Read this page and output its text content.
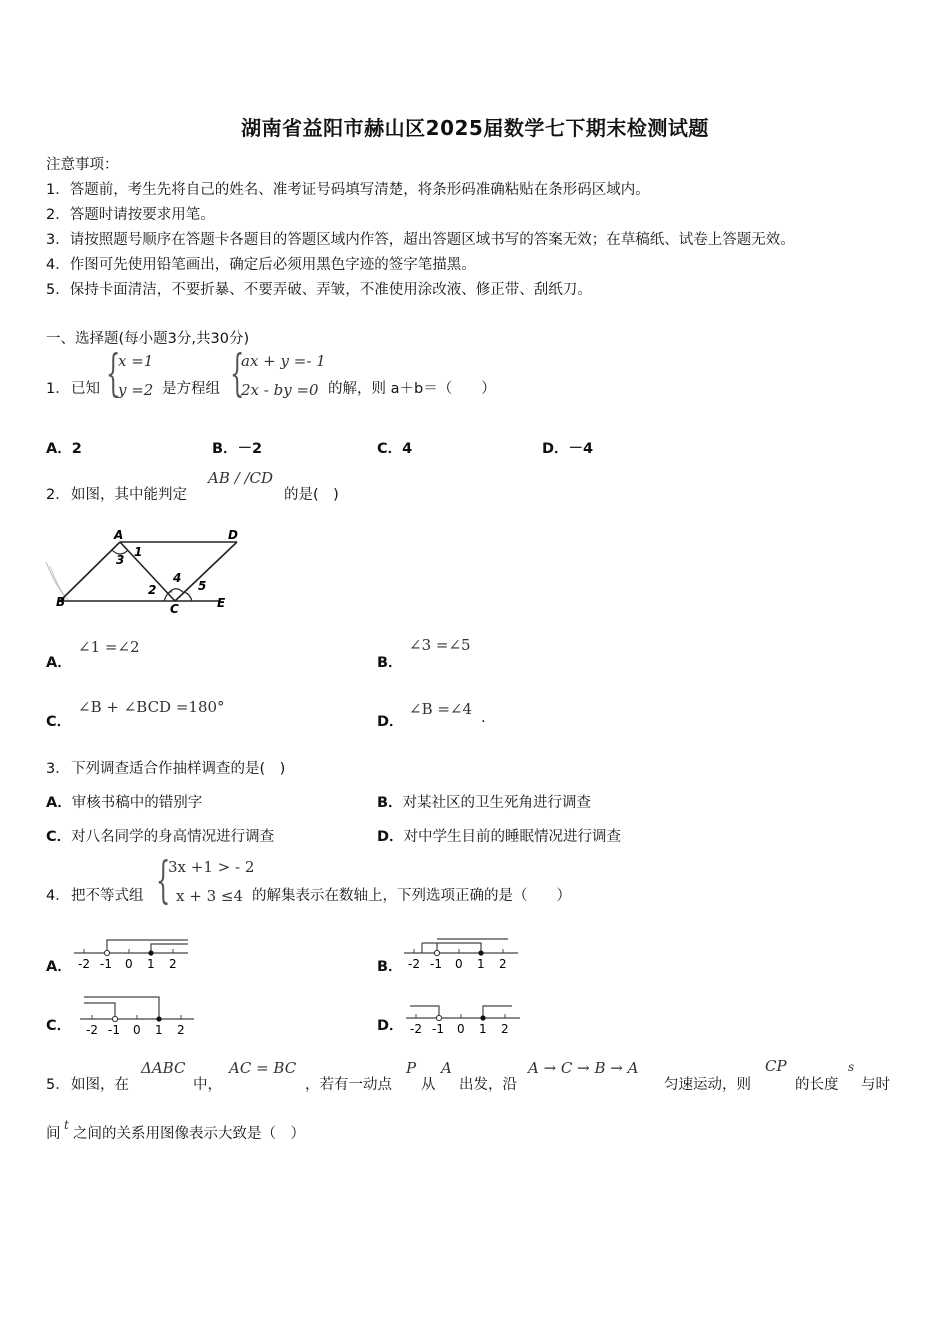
湖南省益阳市赫山区2025届数学七下期末检测试题
注意事项：
1．答题前，考生先将自己的姓名、准考证号码填写清楚，将条形码准确粘贴在条形码区域内。
2．答题时请按要求用笔。
3．请按照题号顺序在答题卡各题目的答题区域内作答，超出答题区域书写的答案无效；在草稿纸、试卷上答题无效。
4．作图可先使用铅笔画出，确定后必须用黑色字迹的签字笔描黑。
5．保持卡面清洁，不要折暴、不要弄破、弄皱，不准使用涂改液、修正带、刮纸刀。
一、选择题(每小题3分,共30分)
1． 已知 {
x =1
y =2 是方程组 {
ax + y =- 1
2x - by =0 的解，则 a＋b＝（　　）
A．2	B．－2	C．4	D．－4
2． 如图，其中能判定
AB / /CD
的是(　)
A	D
B	C	E
1
3
2
4
5
A．
∠1 =∠2
B．
∠3 =∠5
C．
∠B + ∠BCD =180°
D．
∠B =∠4 .
3． 下列调查适合作抽样调查的是(　)
A．审核书稿中的错别字	B．对某社区的卫生死角进行调查
C．对八名同学的身高情况进行调查	D．对中学生目前的睡眠情况进行调查
4． 把不等式组 {
3x +1 > - 2
x + 3 ≤4 的解集表示在数轴上，下列选项正确的是（　　）
A． -2 -1 0 1 2	B． -2 -1 0 1 2
C． -2 -1 0 1 2	D． -2 -1 0 1 2
5． 如图，在
ΔABC
中，
AC = BC
，若有一动点
P
从
A
出发，沿
A → C → B → A
匀速运动，则
CP
的长度
s
与时
间
t
之间的关系用图像表示大致是（　）
